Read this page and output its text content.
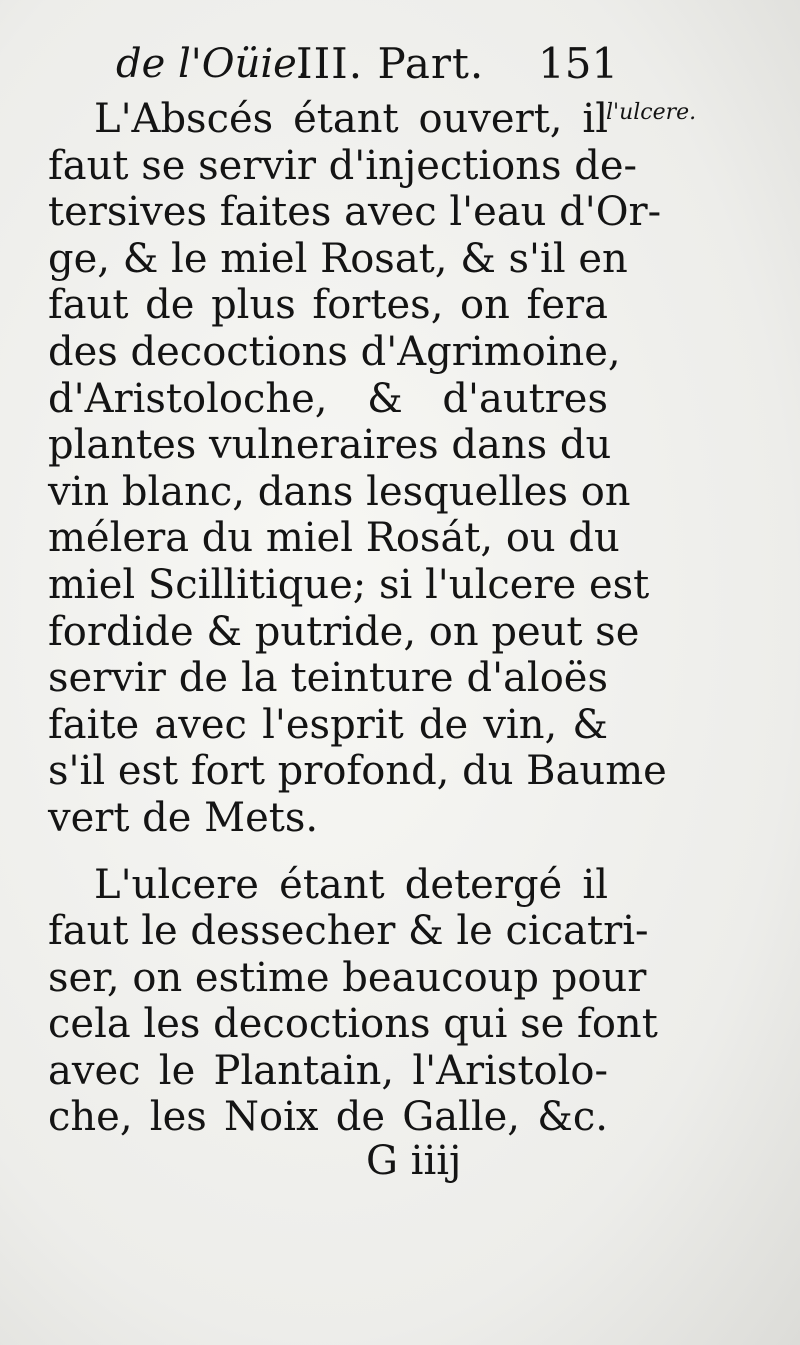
de l'Oüie.
III. Part. 151
l'ulcere.
L'Abscés étant ouvert, il
faut se servir d'injections de-
tersives faites avec l'eau d'Or-
ge, & le miel Rosat, & s'il en
faut de plus fortes, on fera
des decoctions d'Agrimoine,
d'Aristoloche, & d'autres
plantes vulneraires dans du
vin blanc, dans lesquelles on
mélera du miel Rosát, ou du
miel Scillitique; si l'ulcere est
fordide & putride, on peut se
servir de la teinture d'aloës
faite avec l'esprit de vin, &
s'il est fort profond, du Baume
vert de Mets.
L'ulcere étant detergé il
faut le dessecher & le cicatri-
ser, on estime beaucoup pour
cela les decoctions qui se font
avec le Plantain, l'Aristolo-
che, les Noix de Galle, &c.
G iiij
